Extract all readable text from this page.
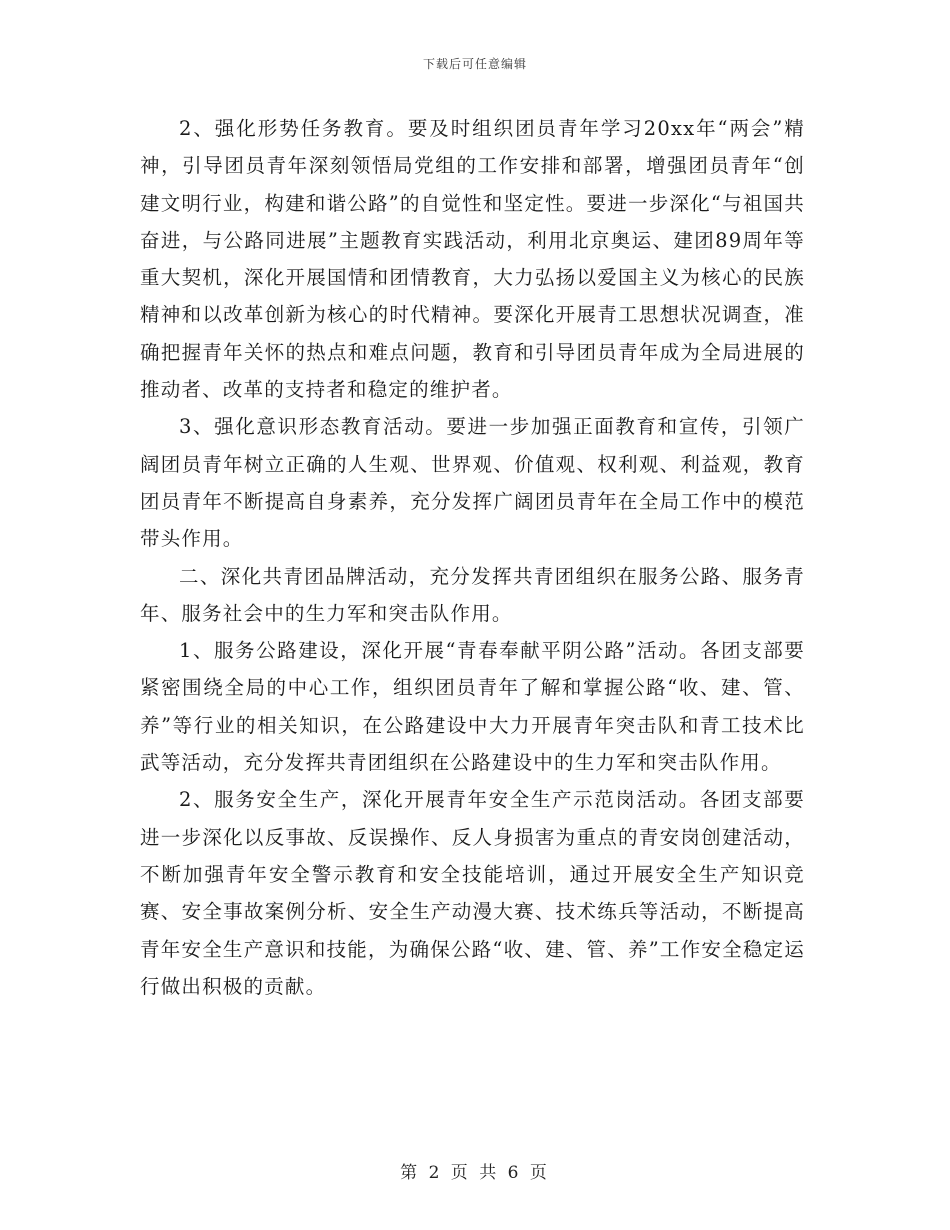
下载后可任意编辑

2、强化形势任务教育。要及时组织团员青年学习20xx年“两会”精神，引导团员青年深刻领悟局党组的工作安排和部署，增强团员青年“创建文明行业，构建和谐公路”的自觉性和坚定性。要进一步深化“与祖国共奋进，与公路同进展”主题教育实践活动，利用北京奥运、建团89周年等重大契机，深化开展国情和团情教育，大力弘扬以爱国主义为核心的民族精神和以改革创新为核心的时代精神。要深化开展青工思想状况调查，准确把握青年关怀的热点和难点问题，教育和引导团员青年成为全局进展的推动者、改革的支持者和稳定的维护者。

3、强化意识形态教育活动。要进一步加强正面教育和宣传，引领广阔团员青年树立正确的人生观、世界观、价值观、权利观、利益观，教育团员青年不断提高自身素养，充分发挥广阔团员青年在全局工作中的模范带头作用。

二、深化共青团品牌活动，充分发挥共青团组织在服务公路、服务青年、服务社会中的生力军和突击队作用。

1、服务公路建设，深化开展“青春奉献平阴公路”活动。各团支部要紧密围绕全局的中心工作，组织团员青年了解和掌握公路“收、建、管、养”等行业的相关知识，在公路建设中大力开展青年突击队和青工技术比武等活动，充分发挥共青团组织在公路建设中的生力军和突击队作用。

2、服务安全生产，深化开展青年安全生产示范岗活动。各团支部要进一步深化以反事故、反误操作、反人身损害为重点的青安岗创建活动，不断加强青年安全警示教育和安全技能培训，通过开展安全生产知识竞赛、安全事故案例分析、安全生产动漫大赛、技术练兵等活动，不断提高青年安全生产意识和技能，为确保公路“收、建、管、养”工作安全稳定运行做出积极的贡献。

第 2 页 共 6 页
